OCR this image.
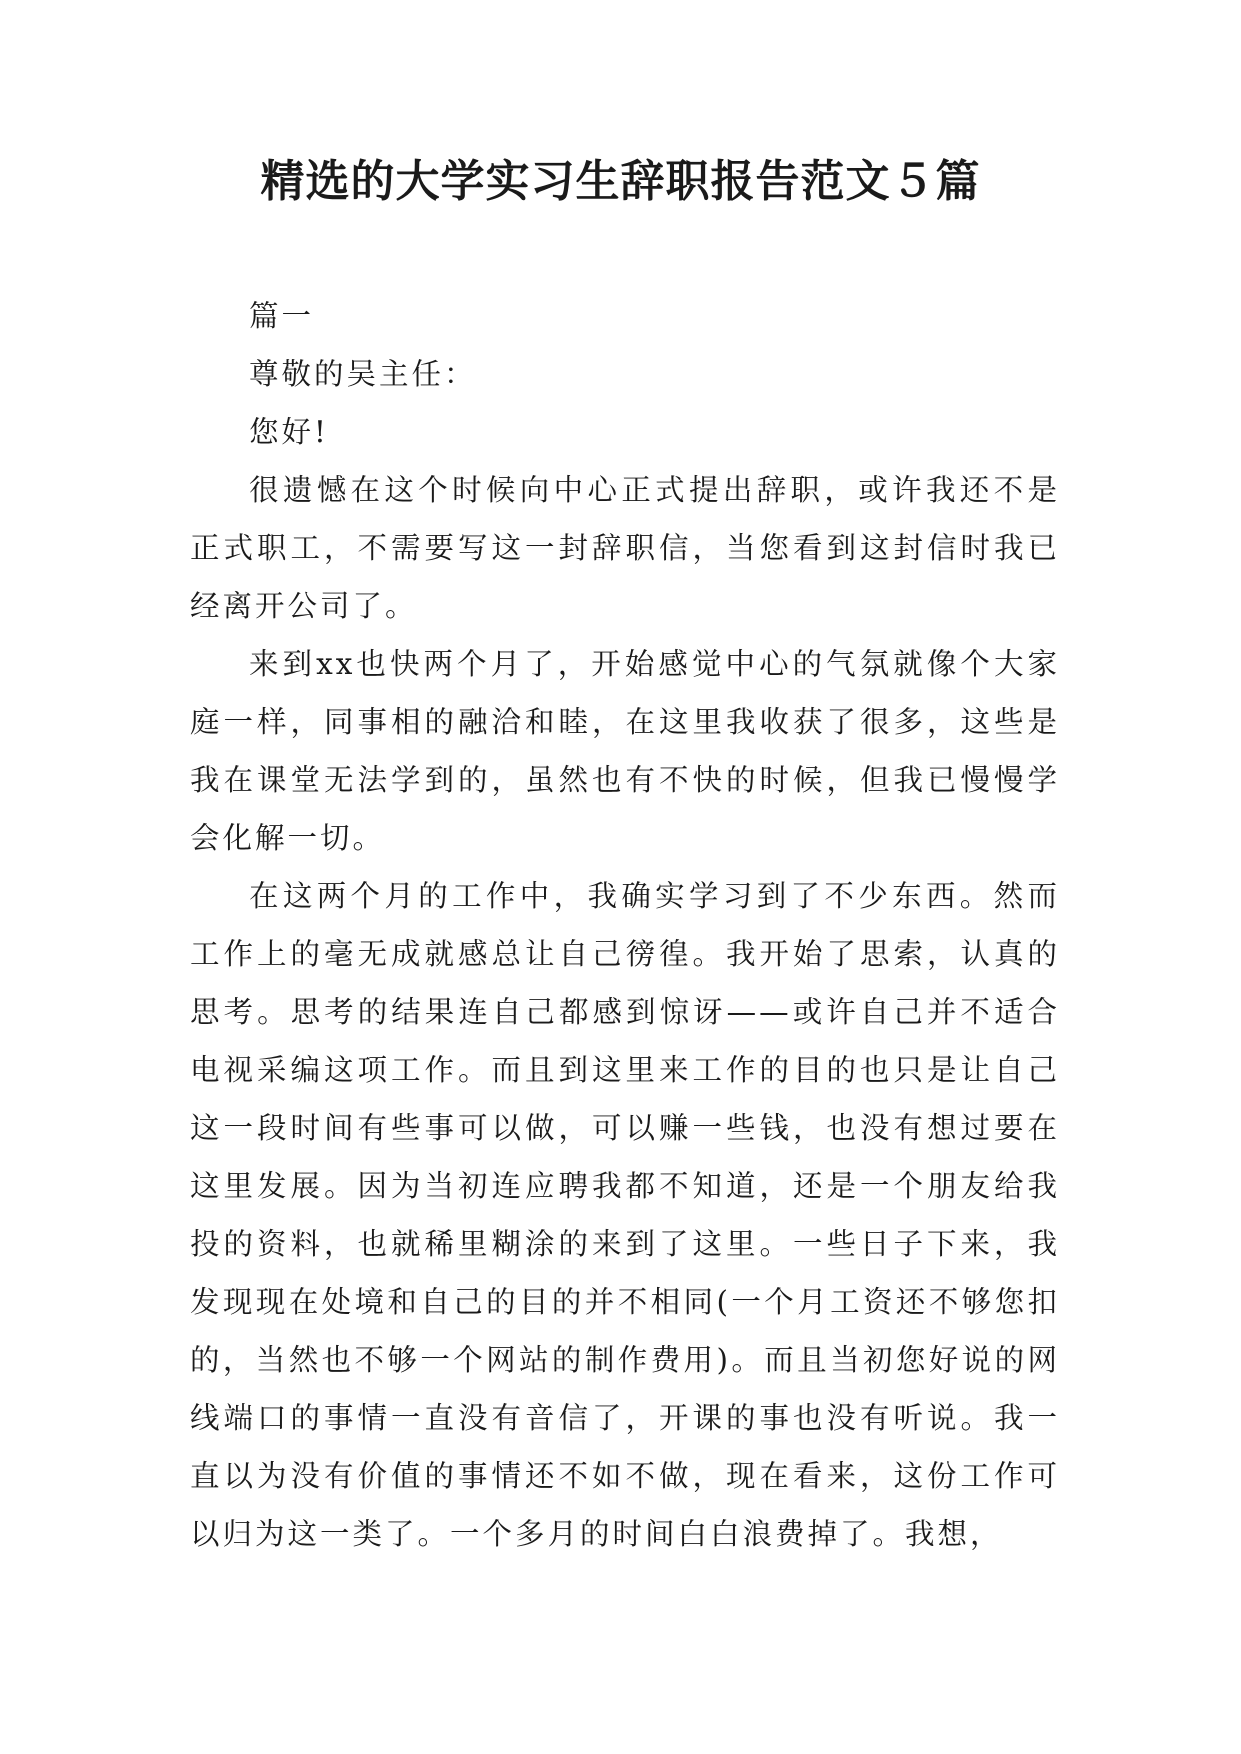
精选的大学实习生辞职报告范文５篇

篇一

尊敬的吴主任：

您好!

很遗憾在这个时候向中心正式提出辞职，或许我还不是正式职工，不需要写这一封辞职信，当您看到这封信时我已经离开公司了。

来到xx也快两个月了，开始感觉中心的气氛就像个大家庭一样，同事相的融洽和睦，在这里我收获了很多，这些是我在课堂无法学到的，虽然也有不快的时候，但我已慢慢学会化解一切。

在这两个月的工作中，我确实学习到了不少东西。然而工作上的毫无成就感总让自己徬徨。我开始了思索，认真的思考。思考的结果连自己都感到惊讶——或许自己并不适合电视采编这项工作。而且到这里来工作的目的也只是让自己这一段时间有些事可以做，可以赚一些钱，也没有想过要在这里发展。因为当初连应聘我都不知道，还是一个朋友给我投的资料，也就稀里糊涂的来到了这里。一些日子下来，我发现现在处境和自己的目的并不相同(一个月工资还不够您扣的，当然也不够一个网站的制作费用)。而且当初您好说的网线端口的事情一直没有音信了，开课的事也没有听说。我一直以为没有价值的事情还不如不做，现在看来，这份工作可以归为这一类了。一个多月的时间白白浪费掉了。我想，
